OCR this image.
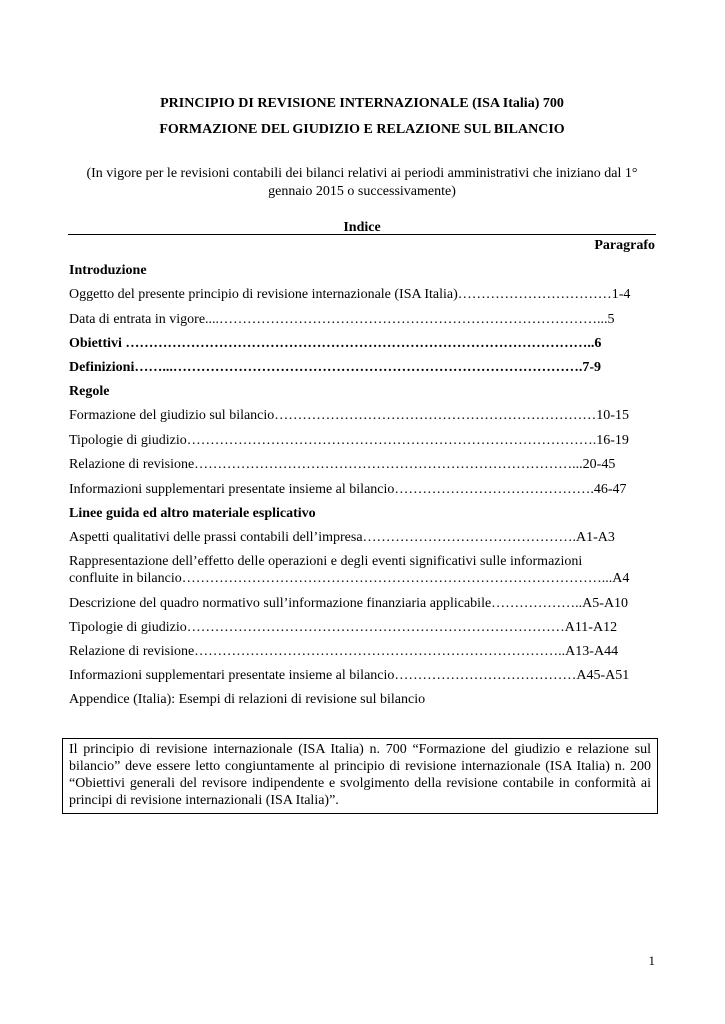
PRINCIPIO DI REVISIONE INTERNAZIONALE (ISA Italia) 700
FORMAZIONE DEL GIUDIZIO E RELAZIONE SUL BILANCIO
(In vigore per le revisioni contabili dei bilanci relativi ai periodi amministrativi che iniziano dal 1°
gennaio 2015 o successivamente)
Indice
Paragrafo
Introduzione
Oggetto del presente principio di revisione internazionale (ISA Italia)……………………………1-4
Data di entrata in vigore....………………………………………………………………………...5
Obiettivi ………………………………………………………………………………………..6
Definizioni……...…………………………………………………………………………….7-9
Regole
Formazione del giudizio sul bilancio……………………………………………………………10-15
Tipologie di giudizio…………………………………………………………………………….16-19
Relazione di revisione………………………………………………………………………...20-45
Informazioni supplementari presentate insieme al bilancio…………………………………….46-47
Linee guida ed altro materiale esplicativo
Aspetti qualitativi delle prassi contabili dell’impresa……………………………………….A1-A3
Rappresentazione dell’effetto delle operazioni e degli eventi significativi sulle informazioni
confluite in bilancio………………………………………………………………………………...A4
Descrizione del quadro normativo sull’informazione finanziaria applicabile………………..A5-A10
Tipologie di giudizio………………………………………………………………………A11-A12
Relazione di revisione……………………………………………………………………..A13-A44
Informazioni supplementari presentate insieme al bilancio…………………………………A45-A51
Appendice (Italia): Esempi di relazioni di revisione sul bilancio
Il principio di revisione internazionale (ISA Italia) n. 700 “Formazione del giudizio e relazione sul bilancio” deve essere letto congiuntamente al principio di revisione internazionale (ISA Italia) n. 200 “Obiettivi generali del revisore indipendente e svolgimento della revisione contabile in conformità ai principi di revisione internazionali (ISA Italia)”.
1
